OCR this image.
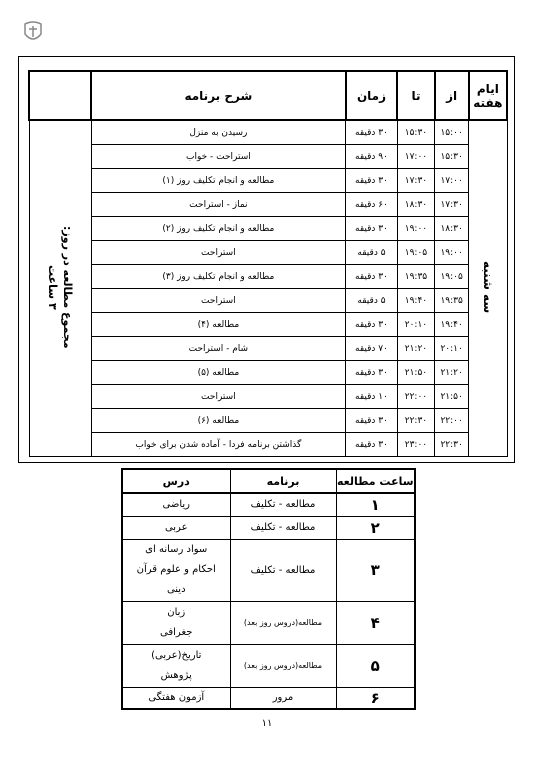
ایام هفته	از	تا	زمان	شرح برنامه	
سه شنبه	۱۵:۰۰	۱۵:۳۰	۳۰ دقیقه	رسیدن به منزل	مجموع مطالعه در روز:
۳ ساعت
	۱۵:۳۰	۱۷:۰۰	۹۰ دقیقه	استراحت - خواب	
	۱۷:۰۰	۱۷:۳۰	۳۰ دقیقه	مطالعه و انجام تکلیف روز (۱)	
	۱۷:۳۰	۱۸:۳۰	۶۰ دقیقه	نماز - استراحت	
	۱۸:۳۰	۱۹:۰۰	۳۰ دقیقه	مطالعه و انجام تکلیف روز (۲)	
	۱۹:۰۰	۱۹:۰۵	۵ دقیقه	استراحت	
	۱۹:۰۵	۱۹:۳۵	۳۰ دقیقه	مطالعه و انجام تکلیف روز (۳)	
	۱۹:۳۵	۱۹:۴۰	۵ دقیقه	استراحت	
	۱۹:۴۰	۲۰:۱۰	۳۰ دقیقه	مطالعه (۴)	
	۲۰:۱۰	۲۱:۲۰	۷۰ دقیقه	شام - استراحت	
	۲۱:۲۰	۲۱:۵۰	۳۰ دقیقه	مطالعه (۵)	
	۲۱:۵۰	۲۲:۰۰	۱۰ دقیقه	استراحت	
	۲۲:۰۰	۲۲:۳۰	۳۰ دقیقه	مطالعه (۶)	
	۲۲:۳۰	۲۳:۰۰	۳۰ دقیقه	گذاشتن برنامه فردا - آماده شدن برای خواب	
ساعت مطالعه	برنامه	درس
۱	مطالعه - تکلیف	ریاضی
۲	مطالعه - تکلیف	عربی
۳	مطالعه - تکلیف	سواد رسانه ای
احکام و علوم قرآن
دینی
۴	مطالعه(دروس روز بعد)	زبان
جغرافی
۵	مطالعه(دروس روز بعد)	تاریخ(عربی)
پژوهش
۶	مرور	آزمون هفتگی
۱۱
